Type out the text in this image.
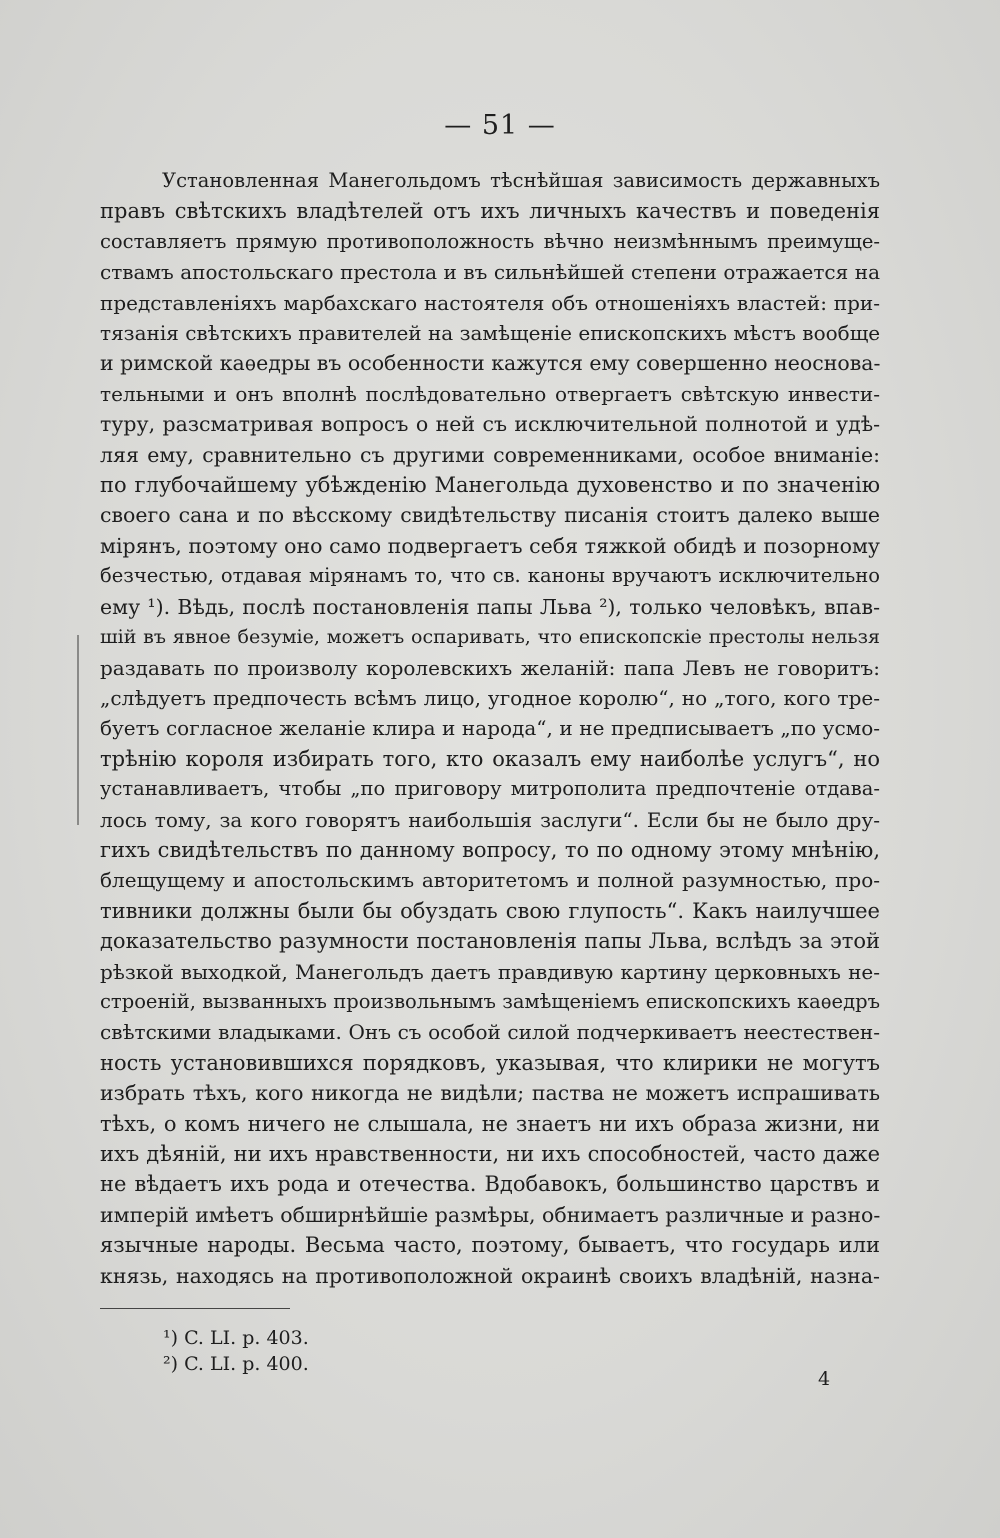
— 51 —
Установленная Манегольдомъ тѣснѣйшая зависимость державныхъ
правъ свѣтскихъ владѣтелей отъ ихъ личныхъ качествъ и поведенія
составляетъ прямую противоположность вѣчно неизмѣннымъ преимуще-
ствамъ апостольскаго престола и въ сильнѣйшей степени отражается на
представленіяхъ марбахскаго настоятеля объ отношеніяхъ властей: при-
тязанія свѣтскихъ правителей на замѣщеніе епископскихъ мѣстъ вообще
и римской каѳедры въ особенности кажутся ему совершенно неоснова-
тельными и онъ вполнѣ послѣдовательно отвергаетъ свѣтскую инвести-
туру, разсматривая вопросъ о ней съ исключительной полнотой и удѣ-
ляя ему, сравнительно съ другими современниками, особое вниманіе:
по глубочайшему убѣжденію Манегольда духовенство и по значенію
своего сана и по вѣсскому свидѣтельству писанія стоитъ далеко выше
мірянъ, поэтому оно само подвергаетъ себя тяжкой обидѣ и позорному
безчестью, отдавая мірянамъ то, что св. каноны вручаютъ исключительно
ему ¹). Вѣдь, послѣ постановленія папы Льва ²), только человѣкъ, впав-
шій въ явное безуміе, можетъ оспаривать, что епископскіе престолы нельзя
раздавать по произволу королевскихъ желаній: папа Левъ не говоритъ:
„слѣдуетъ предпочесть всѣмъ лицо, угодное королю“, но „того, кого тре-
буетъ согласное желаніе клира и народа“, и не предписываетъ „по усмо-
трѣнію короля избирать того, кто оказалъ ему наиболѣе услугъ“, но
устанавливаетъ, чтобы „по приговору митрополита предпочтеніе отдава-
лось тому, за кого говорятъ наибольшія заслуги“. Если бы не было дру-
гихъ свидѣтельствъ по данному вопросу, то по одному этому мнѣнію,
блещущему и апостольскимъ авторитетомъ и полной разумностью, про-
тивники должны были бы обуздать свою глупость“. Какъ наилучшее
доказательство разумности постановленія папы Льва, вслѣдъ за этой
рѣзкой выходкой, Манегольдъ даетъ правдивую картину церковныхъ не-
строеній, вызванныхъ произвольнымъ замѣщеніемъ епископскихъ каѳедръ
свѣтскими владыками. Онъ съ особой силой подчеркиваетъ неестествен-
ность установившихся порядковъ, указывая, что клирики не могутъ
избрать тѣхъ, кого никогда не видѣли; паства не можетъ испрашивать
тѣхъ, о комъ ничего не слышала, не знаетъ ни ихъ образа жизни, ни
ихъ дѣяній, ни ихъ нравственности, ни ихъ способностей, часто даже
не вѣдаетъ ихъ рода и отечества. Вдобавокъ, большинство царствъ и
имперій имѣетъ обширнѣйшіе размѣры, обнимаетъ различные и разно-
язычные народы. Весьма часто, поэтому, бываетъ, что государь или
князь, находясь на противоположной окраинѣ своихъ владѣній, назна-
¹) C. LI. p. 403.
²) C. LI. p. 400.
4
